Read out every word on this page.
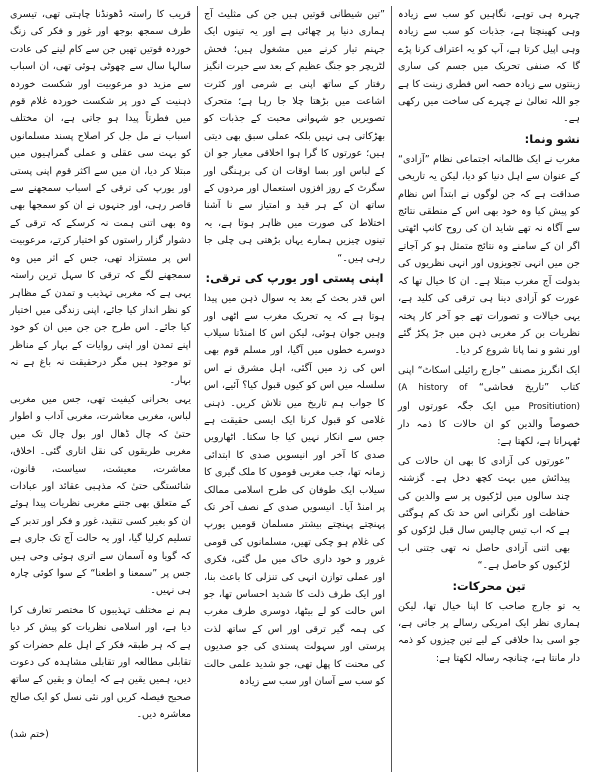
چہرہ ہی توہے، نگاہیں کو سب سے زیادہ وہی کھینچتا ہے، جذبات کو سب سے زیادہ وہی اپیل کرتا ہے، آپ کو یہ اعتراف کرنا پڑے گا کہ صنفی تحریک میں جسم کی ساری زینتوں سے زیادہ حصہ اس فطری زینت کا ہے جو اللہ تعالیٰ نے چہرے کی ساخت میں رکھی ہے۔

نشو ونما:

مغرب نے ایک ظالمانہ اجتماعی نظام ”آزادی“ کے عنوان سے اہل دنیا کو دیا، لیکن یہ تاریخی صداقت ہے کہ جن لوگوں نے ابتداً اس نظام کو پیش کیا وہ خود بھی اس کے منطقی نتائج سے آگاہ نہ تھے شاید ان کی روح کانپ اٹھتی اگر ان کے سامنے وہ نتائج متمثل ہو کر آجاتے جن میں انہی تجویزوں اور انہی نظریوں کی بدولت آج مغرب مبتلا ہے۔ ان کا خیال تھا کہ عورت کو آزادی دینا ہی ترقی کی کلید ہے، یہی خیالات و تصورات تھے جو آخر کار پختہ نظریات بن کر مغربی ذہن میں جڑ پکڑ گئے اور نشو و نما پانا شروع کر دیا۔

ایک انگریز مصنف ”جارج رائیلی اسکاٹ“ اپنی کتاب ”تاریخ فحاشی“ (A history of Prositiution) میں ایک جگہ عورتوں اور خصوصاً والدین کو ان حالات کا ذمہ دار ٹھہراتا ہے، لکھتا ہے:

”عورتوں کی آزادی کا بھی ان حالات کی پیدائش میں بہت کچھ دخل ہے۔ گزشتہ چند سالوں میں لڑکیوں پر سے والدین کی حفاظت اور نگرانی اس حد تک کم ہوگئی ہے کہ اب تیس چالیس سال قبل لڑکوں کو بھی اتنی آزادی حاصل نہ تھی جتنی اب لڑکیوں کو حاصل ہے۔“

تین محرکات:

یہ تو جارج صاحب کا اپنا خیال تھا، لیکن ہماری نظر ایک امریکی رسالے پر جاتی ہے، جو اسی بدا خلاقی کے لیے تین چیزوں کو ذمہ دار مانتا ہے، چنانچہ رسالہ لکھتا ہے:

”تین شیطانی قوتیں ہیں جن کی مثلیث آج ہماری دنیا پر چھائی ہے اور یہ تینوں ایک جہنم تیار کرنے میں مشغول ہیں؛ فحش لٹریچر جو جنگ عظیم کے بعد سے حیرت انگیز رفتار کے ساتھ اپنی بے شرمی اور کثرت اشاعت میں بڑھتا چلا جا رہا ہے؛ متحرک تصویریں جو شہوانی محبت کے جذبات کو بھڑکاتی ہی نہیں بلکہ عملی سبق بھی دیتی ہیں؛ عورتوں کا گرا ہوا اخلاقی معیار جو ان کے لباس اور بسا اوقات ان کی برہنگی اور سگرٹ کے روز افزوں استعمال اور مردوں کے ساتھ ان کے ہر قید و امتیاز سے نا آشنا اختلاط کی صورت میں ظاہر ہوتا ہے، یہ تینوں چیزیں ہمارے یہاں بڑھتی ہی چلی جا رہی ہیں۔“

اپنی پستی اور یورپ کی ترقی:

اس قدر بحث کے بعد یہ سوال ذہن میں پیدا ہوتا ہے کہ یہ تحریک مغرب سے اٹھی اور وہیں جوان ہوئی، لیکن اس کا امنڈتا سیلاب دوسرے خطوں میں آگیا، اور مسلم قوم بھی اس کی زد میں آگئی، اہل مشرق نے اس سلسلہ میں اس کو کیوں قبول کیا؟ آئیے، اس کا جواب ہم تاریخ میں تلاش کریں۔ ذہنی غلامی کو قبول کرنا ایک ایسی حقیقت ہے جس سے انکار نہیں کیا جا سکتا۔ اٹھارویں صدی کا آخر اور انیسویں صدی کا ابتدائی زمانہ تھا، جب مغربی قوموں کا ملک گیری کا سیلاب ایک طوفان کی طرح اسلامی ممالک پر امنڈ آیا۔ انیسویں صدی کے نصف آخر تک پہنچتے پہنچتے بیشتر مسلمان قومیں یورپ کی غلام ہو چکی تھیں، مسلمانوں کی قومی غرور و خود داری خاک میں مل گئی، فکری اور عملی توازن انہی کی تنزلی کا باعث بنا، اور ایک طرف ذلت کا شدید احساس تھا، جو اس حالت کو لے بیٹھا، دوسری طرف مغرب کی ہمہ گیر ترقی اور اس کے ساتھ لذت پرستی اور سہولت پسندی کی جو صدیوں کی محنت کا پھل تھی، جو شدید علمی حالت کو سب سے آسان اور سب سے زیادہ

قریب کا راستہ ڈھونڈنا چاہتی تھی، تیسری طرف سمجھ بوجھ اور غور و فکر کی زنگ خوردہ قوتیں تھیں جن سے کام لینے کی عادت سالہا سال سے چھوٹی ہوئی تھی، ان اسباب سے مزید دو مرعوبیت اور شکست خوردہ ذہنیت کے دور پر شکست خوردہ غلام قوم میں فطرتاً پیدا ہو جاتی ہے، ان مختلف اسباب نے مل جل کر اصلاح پسند مسلمانوں کو بہت سی عقلی و عملی گمراہیوں میں مبتلا کر دیا، ان میں سے اکثر قوم اپنی پستی اور یورپ کی ترقی کے اسباب سمجھنے سے قاصر رہی، اور جنہوں نے ان کو سمجھا بھی وہ بھی اتنی ہمت نہ کرسکے کہ ترقی کے دشوار گزار راستوں کو اختیار کرتے، مرعوبیت اس پر مستزاد تھی، جس کے اثر میں وہ سمجھنے لگے کہ ترقی کا سہل ترین راستہ یہی ہے کہ مغربی تہذیب و تمدن کے مظاہر کو نظر انداز کیا جائے، اپنی زندگی میں اختیار کیا جائے۔ اس طرح جن جن میں ان کو خود اپنے تمدن اور اپنی روایات کے بہار کے مناظر تو موجود ہیں مگر درحقیقت نہ باغ ہے نہ بہار۔

یہی بحرانی کیفیت تھی، جس میں مغربی لباس، مغربی معاشرت، مغربی آداب و اطوار حتیٰ کہ چال ڈھال اور بول چال تک میں مغربی طریقوں کی نقل اتاری گئی۔ اخلاق، معاشرت، معیشت، سیاست، قانون، شائستگی حتیٰ کہ مذہبی عقائد اور عبادات کے متعلق بھی جتنے مغربی نظریات پیدا ہوئے ان کو بغیر کسی تنقید، غور و فکر اور تدبر کے تسلیم کرلیا گیا، اور یہ حالت آج تک جاری ہے کہ گویا وہ آسمان سے اتری ہوئی وحی ہیں جس پر ”سمعنا و اطعنا“ کے سوا کوئی چارہ ہی نہیں۔

ہم نے مختلف تہذیبوں کا مختصر تعارف کرا دیا ہے، اور اسلامی نظریات کو پیش کر دیا ہے کہ ہر طبقہ فکر کے اہل علم حضرات کو تقابلی مطالعہ اور تقابلی مشاہدہ کی دعوت دیں، ہمیں یقین ہے کہ ایمان و یقین کے ساتھ صحیح فیصلہ کریں اور نئی نسل کو ایک صالح معاشرہ دیں۔

(ختم شد)
